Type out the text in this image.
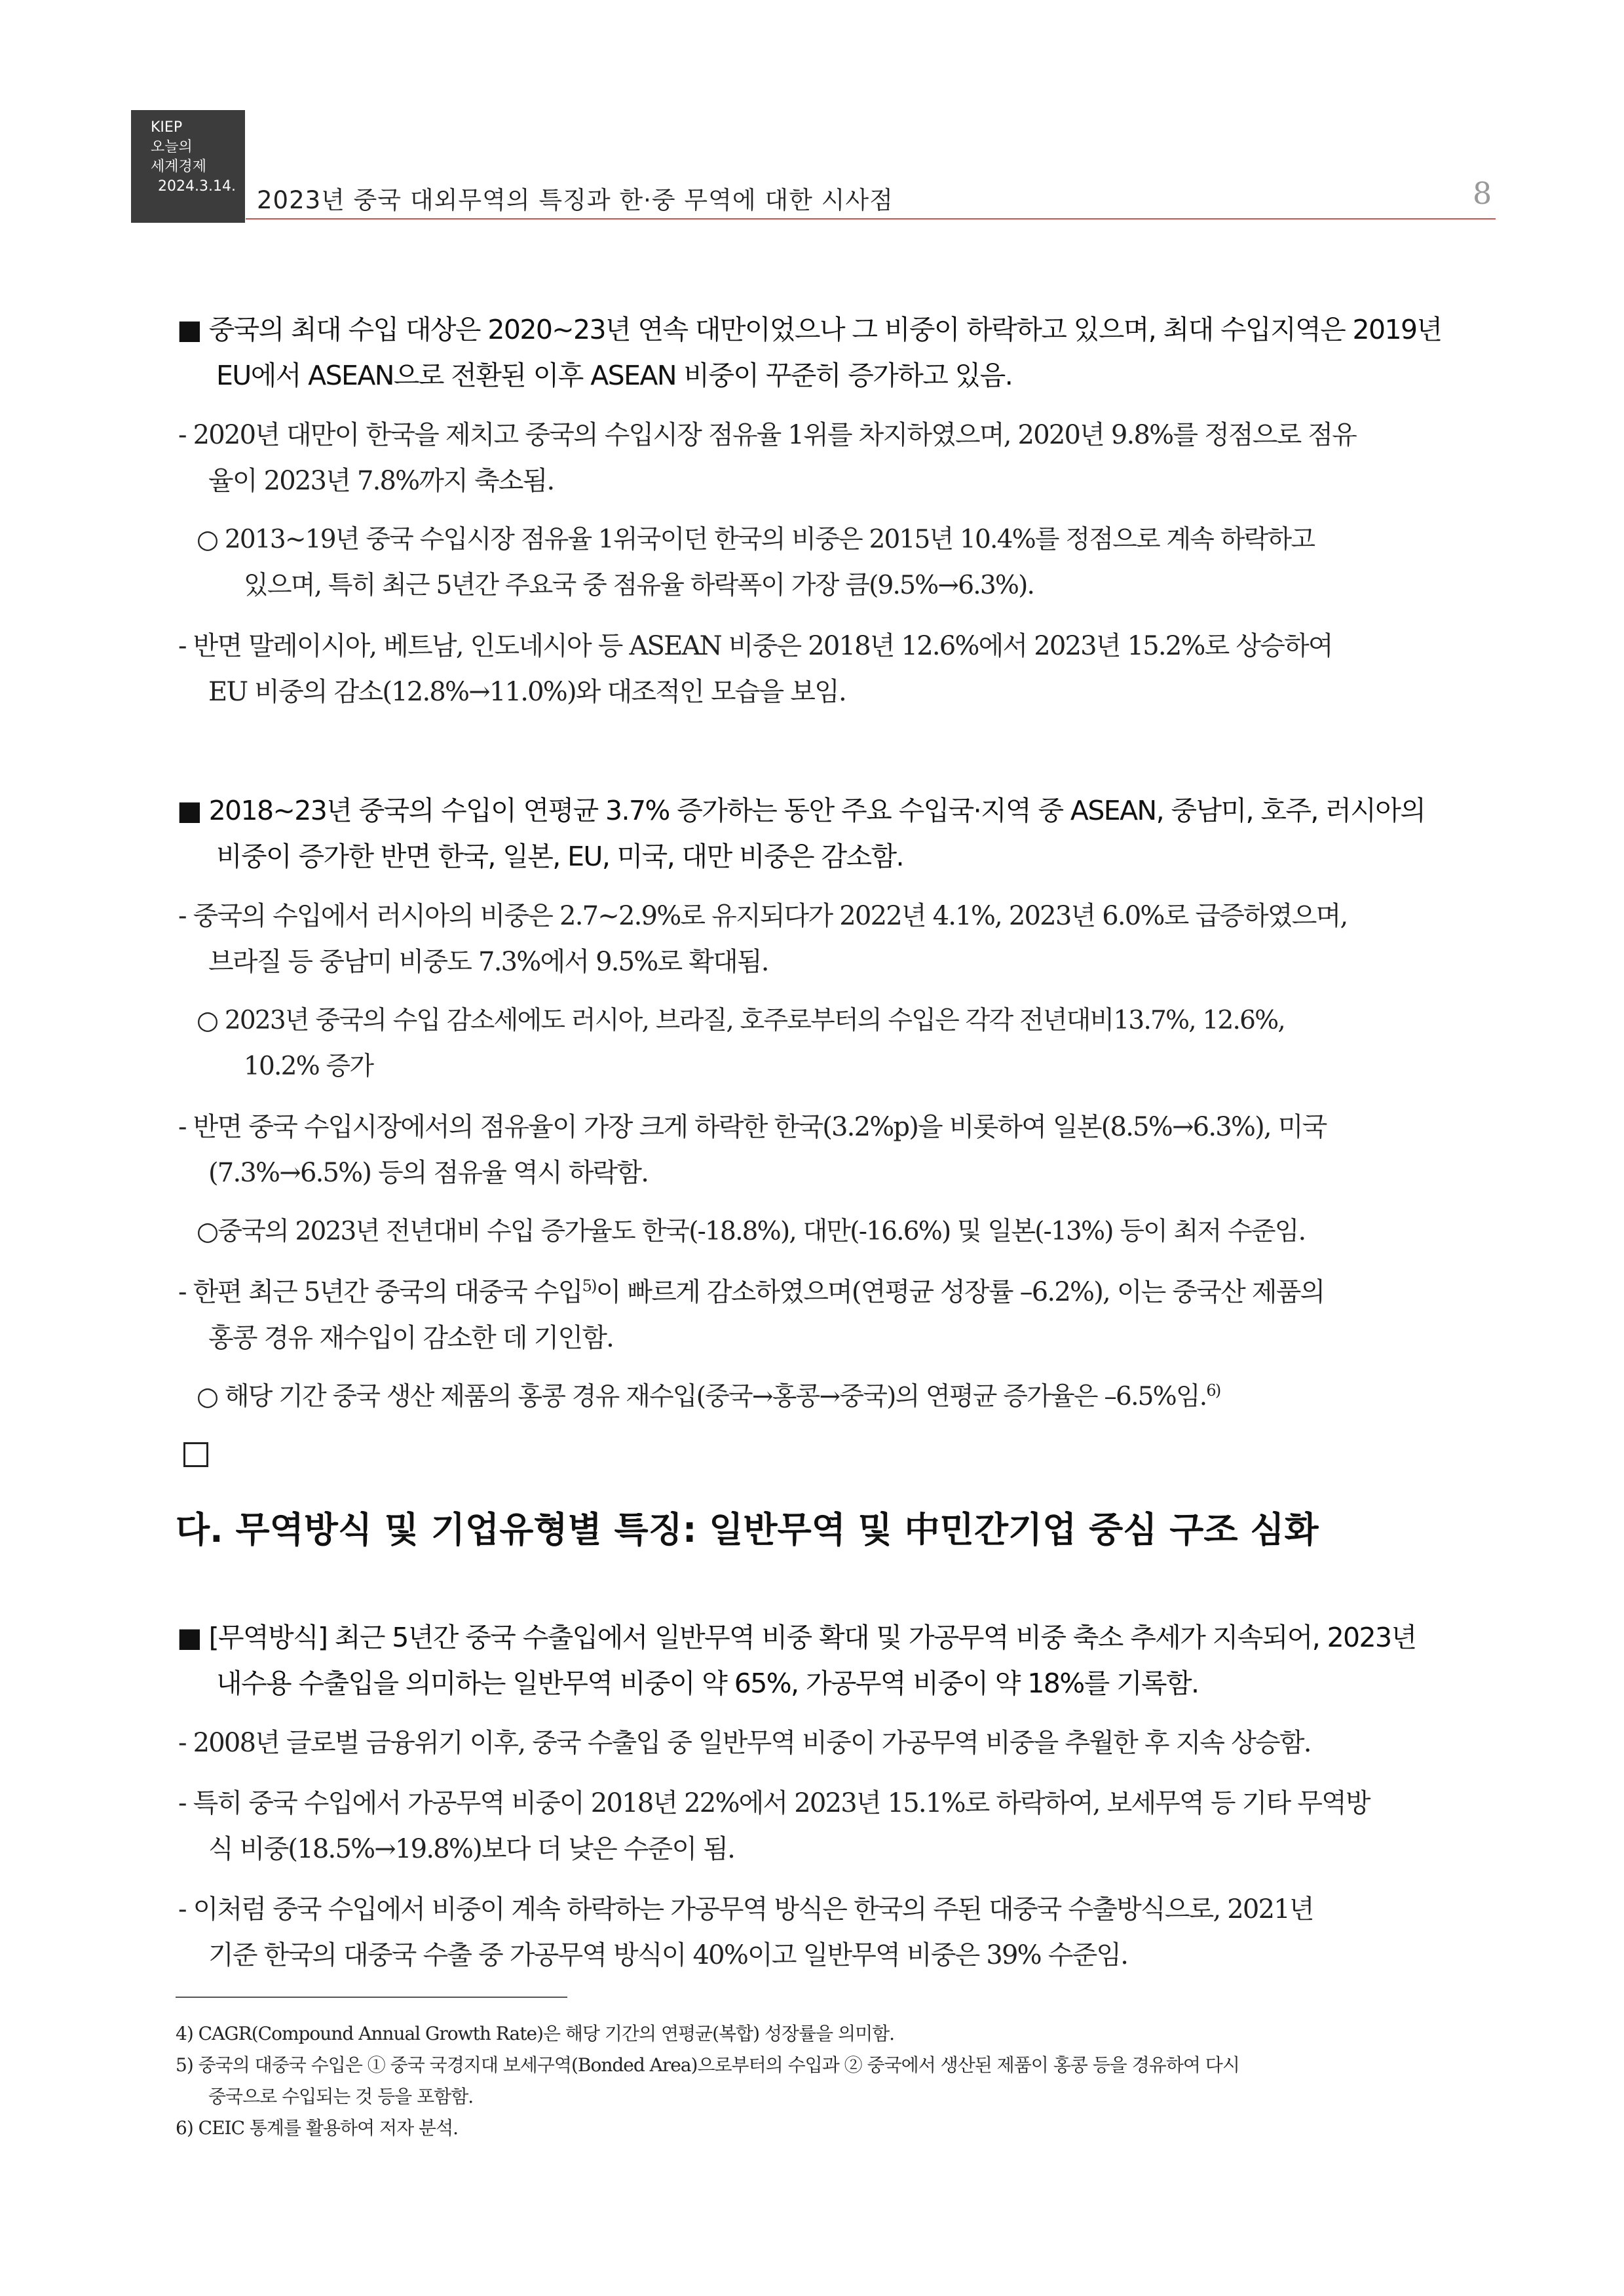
KIEP
오늘의
세계경제
2024.3.14. 2023년 중국 대외무역의 특징과 한·중 무역에 대한 시사점	8
■ 중국의 최대 수입 대상은 2020~23년 연속 대만이었으나 그 비중이 하락하고 있으며, 최대 수입지역은 2019년
EU에서 ASEAN으로 전환된 이후 ASEAN 비중이 꾸준히 증가하고 있음.
- 2020년 대만이 한국을 제치고 중국의 수입시장 점유율 1위를 차지하였으며, 2020년 9.8%를 정점으로 점유
율이 2023년 7.8%까지 축소됨.
○ 2013~19년 중국 수입시장 점유율 1위국이던 한국의 비중은 2015년 10.4%를 정점으로 계속 하락하고
있으며, 특히 최근 5년간 주요국 중 점유율 하락폭이 가장 큼(9.5%→6.3%).
- 반면 말레이시아, 베트남, 인도네시아 등 ASEAN 비중은 2018년 12.6%에서 2023년 15.2%로 상승하여
EU 비중의 감소(12.8%→11.0%)와 대조적인 모습을 보임.
■ 2018~23년 중국의 수입이 연평균 3.7% 증가하는 동안 주요 수입국·지역 중 ASEAN, 중남미, 호주, 러시아의
비중이 증가한 반면 한국, 일본, EU, 미국, 대만 비중은 감소함.
- 중국의 수입에서 러시아의 비중은 2.7~2.9%로 유지되다가 2022년 4.1%, 2023년 6.0%로 급증하였으며,
브라질 등 중남미 비중도 7.3%에서 9.5%로 확대됨.
○ 2023년 중국의 수입 감소세에도 러시아, 브라질, 호주로부터의 수입은 각각 전년대비13.7%, 12.6%,
10.2% 증가
- 반면 중국 수입시장에서의 점유율이 가장 크게 하락한 한국(3.2%p)을 비롯하여 일본(8.5%→6.3%), 미국
(7.3%→6.5%) 등의 점유율 역시 하락함.
○중국의 2023년 전년대비 수입 증가율도 한국(-18.8%), 대만(-16.6%) 및 일본(-13%) 등이 최저 수준임.
- 한편 최근 5년간 중국의 대중국 수입$^{5)}$이 빠르게 감소하였으며(연평균 성장률 –6.2%), 이는 중국산 제품의
홍콩 경유 재수입이 감소한 데 기인함.
○ 해당 기간 중국 생산 제품의 홍콩 경유 재수입(중국→홍콩→중국)의 연평균 증가율은 –6.5%임.$^{6)}$
다. 무역방식 및 기업유형별 특징: 일반무역 및 中민간기업 중심 구조 심화
■ [무역방식] 최근 5년간 중국 수출입에서 일반무역 비중 확대 및 가공무역 비중 축소 추세가 지속되어, 2023년
내수용 수출입을 의미하는 일반무역 비중이 약 65%, 가공무역 비중이 약 18%를 기록함.
- 2008년 글로벌 금융위기 이후, 중국 수출입 중 일반무역 비중이 가공무역 비중을 추월한 후 지속 상승함.
- 특히 중국 수입에서 가공무역 비중이 2018년 22%에서 2023년 15.1%로 하락하여, 보세무역 등 기타 무역방
식 비중(18.5%→19.8%)보다 더 낮은 수준이 됨.
- 이처럼 중국 수입에서 비중이 계속 하락하는 가공무역 방식은 한국의 주된 대중국 수출방식으로, 2021년
기준 한국의 대중국 수출 중 가공무역 방식이 40%이고 일반무역 비중은 39% 수준임.
4) CAGR(Compound Annual Growth Rate)은 해당 기간의 연평균(복합) 성장률을 의미함.
5) 중국의 대중국 수입은 ① 중국 국경지대 보세구역(Bonded Area)으로부터의 수입과 ② 중국에서 생산된 제품이 홍콩 등을 경유하여 다시
중국으로 수입되는 것 등을 포함함.
6) CEIC 통계를 활용하여 저자 분석.
